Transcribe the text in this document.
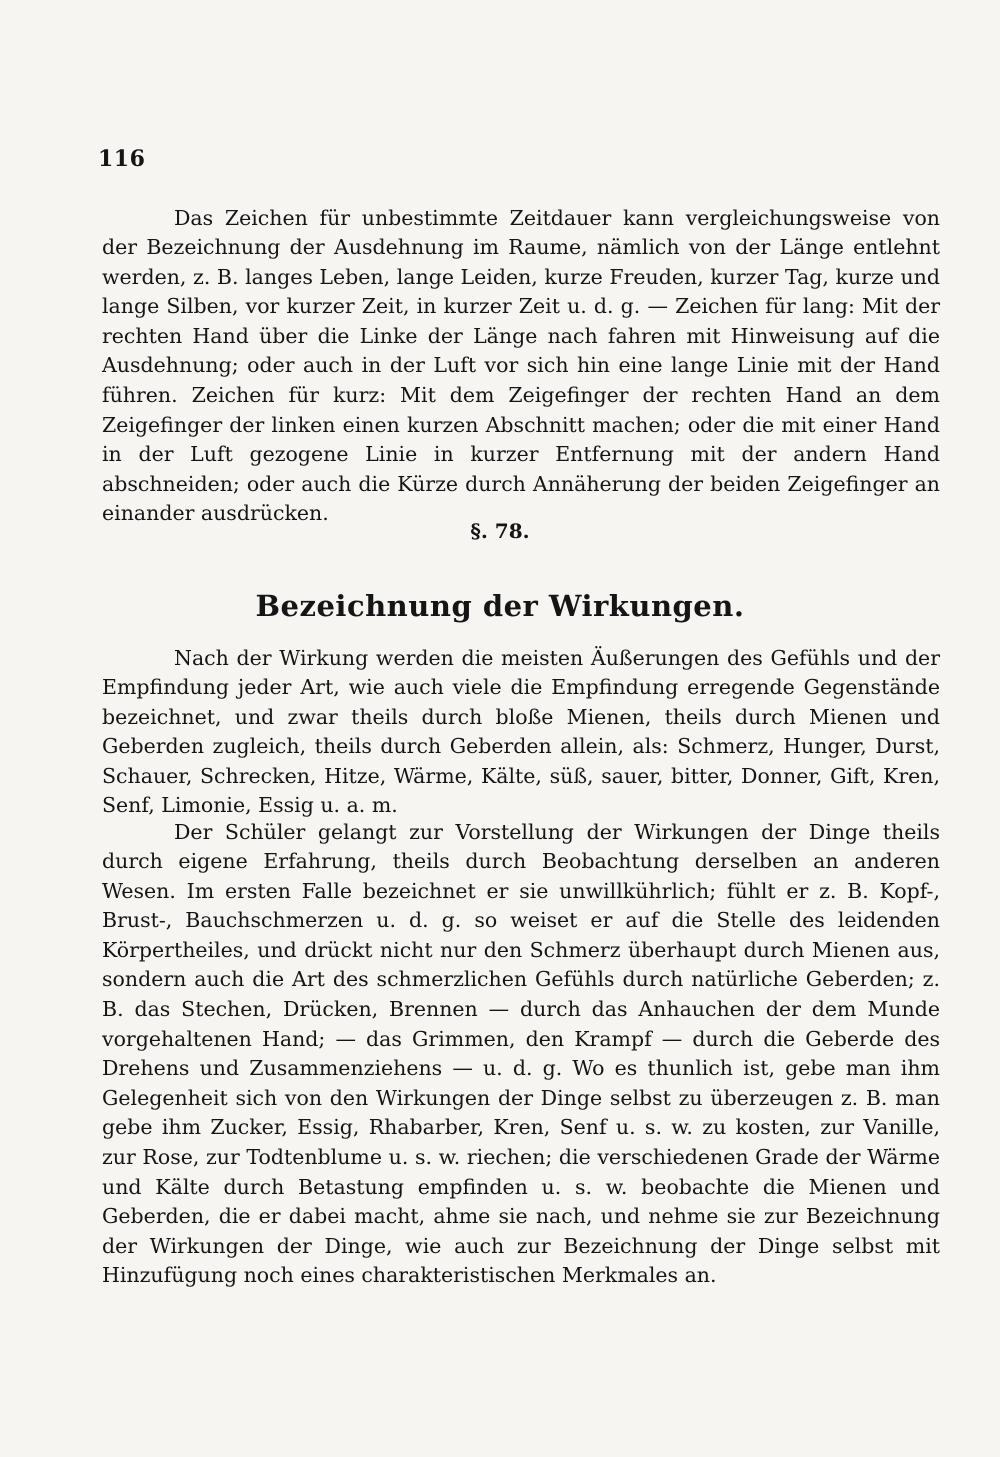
116

Das Zeichen für unbestimmte Zeitdauer kann vergleichungsweise von der Bezeichnung der Ausdehnung im Raume, nämlich von der Länge entlehnt werden, z. B. langes Leben, lange Leiden, kurze Freuden, kurzer Tag, kurze und lange Silben, vor kurzer Zeit, in kurzer Zeit u. d. g. — Zeichen für lang: Mit der rechten Hand über die Linke der Länge nach fahren mit Hinweisung auf die Ausdehnung; oder auch in der Luft vor sich hin eine lange Linie mit der Hand führen. Zeichen für kurz: Mit dem Zeigefinger der rechten Hand an dem Zeigefinger der linken einen kurzen Abschnitt machen; oder die mit einer Hand in der Luft gezogene Linie in kurzer Entfernung mit der andern Hand abschneiden; oder auch die Kürze durch Annäherung der beiden Zeigefinger an einander ausdrücken.

§. 78.
Bezeichnung der Wirkungen.

Nach der Wirkung werden die meisten Äußerungen des Gefühls und der Empfindung jeder Art, wie auch viele die Empfindung erregende Gegenstände bezeichnet, und zwar theils durch bloße Mienen, theils durch Mienen und Geberden zugleich, theils durch Geberden allein, als: Schmerz, Hunger, Durst, Schauer, Schrecken, Hitze, Wärme, Kälte, süß, sauer, bitter, Donner, Gift, Kren, Senf, Limonie, Essig u. a. m.

Der Schüler gelangt zur Vorstellung der Wirkungen der Dinge theils durch eigene Erfahrung, theils durch Beobachtung derselben an anderen Wesen. Im ersten Falle bezeichnet er sie unwillkührlich; fühlt er z. B. Kopf-, Brust-, Bauchschmerzen u. d. g. so weiset er auf die Stelle des leidenden Körpertheiles, und drückt nicht nur den Schmerz überhaupt durch Mienen aus, sondern auch die Art des schmerzlichen Gefühls durch natürliche Geberden; z. B. das Stechen, Drücken, Brennen — durch das Anhauchen der dem Munde vorgehaltenen Hand; — das Grimmen, den Krampf — durch die Geberde des Drehens und Zusammenziehens — u. d. g. Wo es thunlich ist, gebe man ihm Gelegenheit sich von den Wirkungen der Dinge selbst zu überzeugen z. B. man gebe ihm Zucker, Essig, Rhabarber, Kren, Senf u. s. w. zu kosten, zur Vanille, zur Rose, zur Todtenblume u. s. w. riechen; die verschiedenen Grade der Wärme und Kälte durch Betastung empfinden u. s. w. beobachte die Mienen und Geberden, die er dabei macht, ahme sie nach, und nehme sie zur Bezeichnung der Wirkungen der Dinge, wie auch zur Bezeichnung der Dinge selbst mit Hinzufügung noch eines charakteristischen Merkmales an.
